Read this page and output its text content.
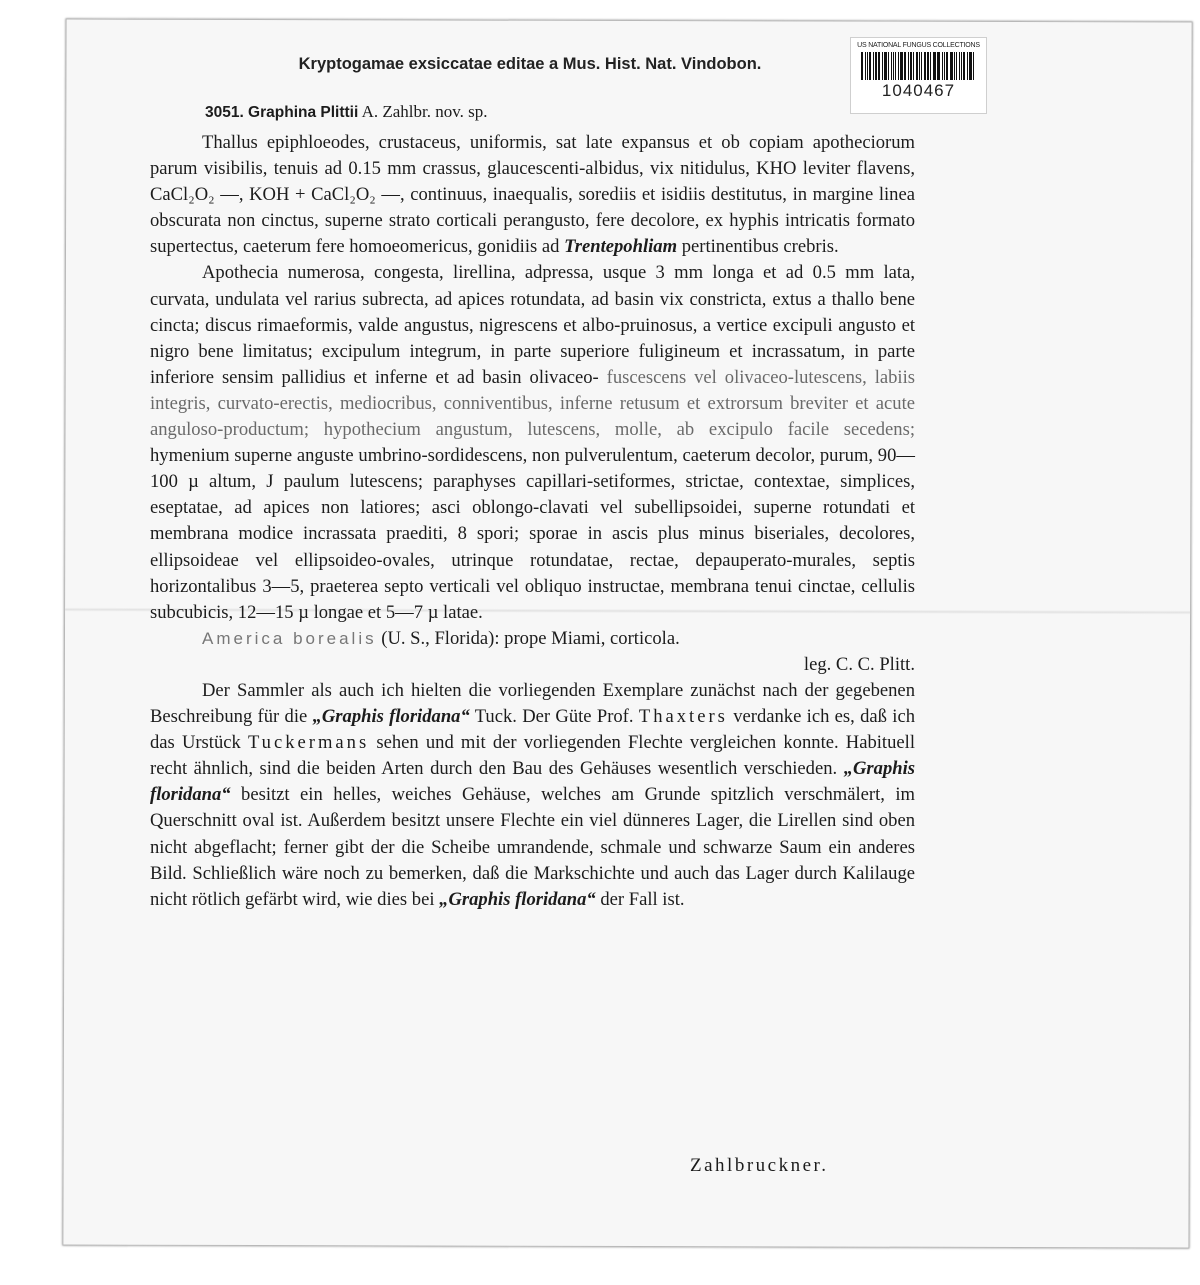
US NATIONAL FUNGUS COLLECTIONS
1040467
Kryptogamae exsiccatae editae a Mus. Hist. Nat. Vindobon.
3051. Graphina Plittii A. Zahlbr. nov. sp.

Thallus epiphloeodes, crustaceus, uniformis, sat late expansus et ob copiam apotheciorum parum visibilis, tenuis ad 0.15 mm crassus, glaucescenti-albidus, vix nitidulus, KHO leviter flavens, CaCl₂O₂ —, KOH + CaCl₂O₂ —, continuus, inaequalis, sorediis et isidiis destitutus, in margine linea obscurata non cinctus, superne strato corticali perangusto, fere decolore, ex hyphis intricatis formato supertectus, caeterum fere homoeomericus, gonidiis ad Trentepohliam pertinentibus crebris.

Apothecia numerosa, congesta, lirellina, adpressa, usque 3 mm longa et ad 0.5 mm lata, curvata, undulata vel rarius subrecta, ad apices rotundata, ad basin vix constricta, extus a thallo bene cincta; discus rimaeformis, valde angustus, nigrescens et albo-pruinosus, a vertice excipuli angusto et nigro bene limitatus; excipulum integrum, in parte superiore fuligineum et incrassatum, in parte inferiore sensim pallidius et inferne et ad basin olivaceo- fuscescens vel olivaceo-lutescens, labiis integris, curvato-erectis, mediocribus, conniventibus, inferne retusum et extrorsum breviter et acute anguloso-productum; hypothecium angustum, lutescens, molle, ab excipulo facile secedens; hymenium superne anguste umbrino-sordidescens, non pulverulentum, caeterum decolor, purum, 90—100 µ altum, J paulum lutescens; paraphyses capillari-setiformes, strictae, contextae, simplices, eseptatae, ad apices non latiores; asci oblongo-clavati vel subellipsoidei, superne rotundati et membrana modice incrassata praediti, 8 spori; sporae in ascis plus minus biseriales, decolores, ellipsoideae vel ellipsoideo-ovales, utrinque rotundatae, rectae, depauperato-murales, septis horizontalibus 3—5, praeterea septo verticali vel obliquo instructae, membrana tenui cinctae, cellulis subcubicis, 12—15 µ longae et 5—7 µ latae.

America borealis (U. S., Florida): prope Miami, corticola.

leg. C. C. Plitt.

Der Sammler als auch ich hielten die vorliegenden Exemplare zunächst nach der gegebenen Beschreibung für die „Graphis floridana“ Tuck. Der Güte Prof. Thaxters verdanke ich es, daß ich das Urstück Tuckermans sehen und mit der vorliegenden Flechte vergleichen konnte. Habituell recht ähnlich, sind die beiden Arten durch den Bau des Gehäuses wesentlich verschieden. „Graphis floridana“ besitzt ein helles, weiches Gehäuse, welches am Grunde spitzlich verschmälert, im Querschnitt oval ist. Außerdem besitzt unsere Flechte ein viel dünneres Lager, die Lirellen sind oben nicht abgeflacht; ferner gibt der die Scheibe umrandende, schmale und schwarze Saum ein anderes Bild. Schließlich wäre noch zu bemerken, daß die Markschichte und auch das Lager durch Kalilauge nicht rötlich gefärbt wird, wie dies bei „Graphis floridana“ der Fall ist.

Zahlbruckner.
